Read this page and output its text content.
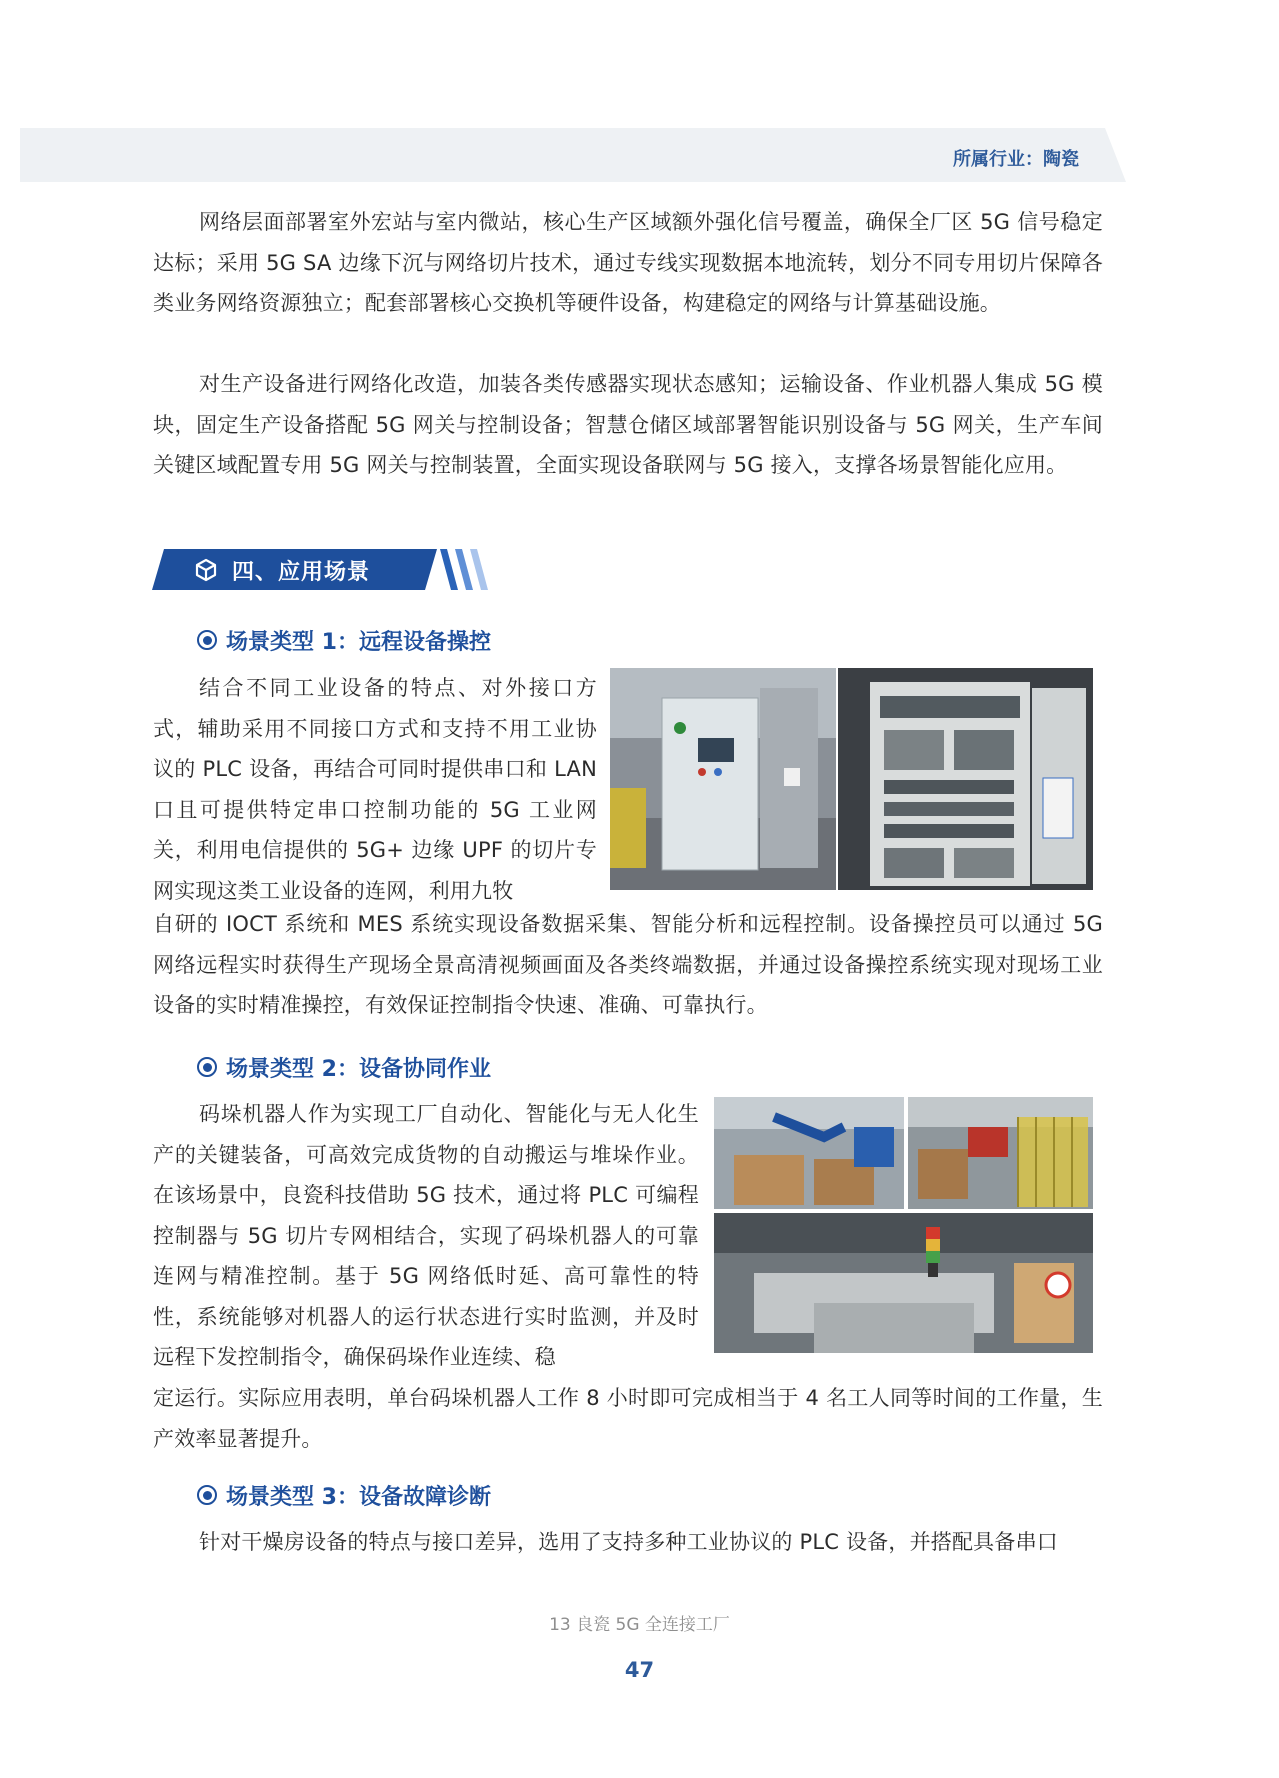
所属行业：陶瓷

网络层面部署室外宏站与室内微站，核心生产区域额外强化信号覆盖，确保全厂区 5G 信号稳定达标；采用 5G SA 边缘下沉与网络切片技术，通过专线实现数据本地流转，划分不同专用切片保障各类业务网络资源独立；配套部署核心交换机等硬件设备，构建稳定的网络与计算基础设施。

对生产设备进行网络化改造，加装各类传感器实现状态感知；运输设备、作业机器人集成 5G 模块，固定生产设备搭配 5G 网关与控制设备；智慧仓储区域部署智能识别设备与 5G 网关，生产车间关键区域配置专用 5G 网关与控制装置，全面实现设备联网与 5G 接入，支撑各场景智能化应用。

四、应用场景
场景类型 1：远程设备操控

结合不同工业设备的特点、对外接口方式，辅助采用不同接口方式和支持不用工业协议的 PLC 设备，再结合可同时提供串口和 LAN 口且可提供特定串口控制功能的 5G 工业网关，利用电信提供的 5G+ 边缘 UPF 的切片专网实现这类工业设备的连网，利用九牧

自研的 IOCT 系统和 MES 系统实现设备数据采集、智能分析和远程控制。设备操控员可以通过 5G 网络远程实时获得生产现场全景高清视频画面及各类终端数据，并通过设备操控系统实现对现场工业设备的实时精准操控，有效保证控制指令快速、准确、可靠执行。

场景类型 2：设备协同作业

码垛机器人作为实现工厂自动化、智能化与无人化生产的关键装备，可高效完成货物的自动搬运与堆垛作业。在该场景中，良瓷科技借助 5G 技术，通过将 PLC 可编程控制器与 5G 切片专网相结合，实现了码垛机器人的可靠连网与精准控制。基于 5G 网络低时延、高可靠性的特性，系统能够对机器人的运行状态进行实时监测，并及时远程下发控制指令，确保码垛作业连续、稳

定运行。实际应用表明，单台码垛机器人工作 8 小时即可完成相当于 4 名工人同等时间的工作量，生产效率显著提升。

场景类型 3：设备故障诊断

针对干燥房设备的特点与接口差异，选用了支持多种工业协议的 PLC 设备，并搭配具备串口

13 良瓷 5G 全连接工厂
47
